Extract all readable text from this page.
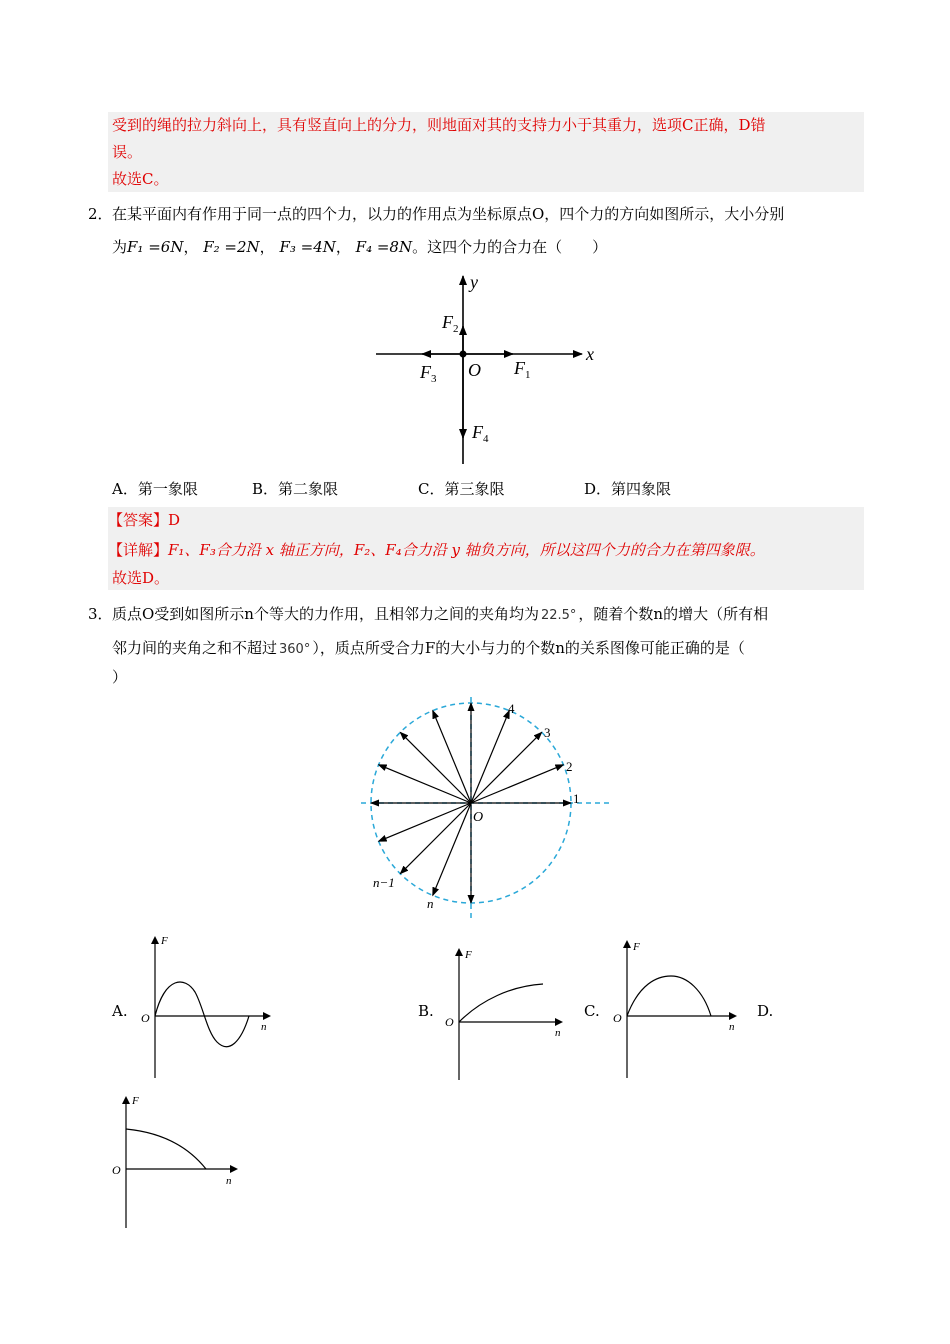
受到的绳的拉力斜向上，具有竖直向上的分力，则地面对其的支持力小于其重力，选项C正确，D错
误。
故选C。
2． 在某平面内有作用于同一点的四个力，以力的作用点为坐标原点O，四个力的方向如图所示，大小分别
为F₁ =6N， F₂ =2N， F₃ =4N， F₄ =8N。这四个力的合力在（　　）
y
x
O $F_1$
$F_2$
$F_3$
$F_4$
A．第一象限	B．第二象限	C．第三象限	D．第四象限
【答案】D
【详解】F₁、F₃合力沿 x 轴正方向，F₂、F₄合力沿 y 轴负方向，所以这四个力的合力在第四象限。
故选D。
3． 质点O受到如图所示n个等大的力作用，且相邻力之间的夹角均为 22.5° ，随着个数n的增大（所有相
邻力间的夹角之和不超过 360° ），质点所受合力F的大小与力的个数n的关系图像可能正确的是（
）
O
1
2
3
4
n−1
n
A.	B.	C.	D.
F
O
n
F
O
n
F
O
n
F
O
n
